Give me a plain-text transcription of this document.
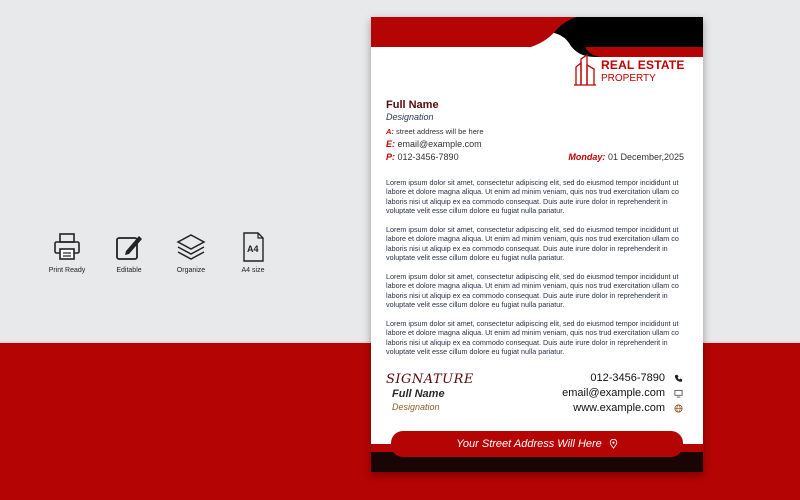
Print Ready	Editable	Organize
A4
A4 size
REAL ESTATE
PROPERTY
Full Name
Designation
A: street address will be here
E: email@example.com
P: 012-3456-7890	Monday: 01 December,2025

Lorem ipsum dolor sit amet, consectetur adipiscing elit, sed do eiusmod tempor incididunt ut labore et dolore magna aliqua. Ut enim ad minim veniam, quis nos trud exercitation ullam co laboris nisi ut aliquip ex ea commodo consequat. Duis aute irure dolor in reprehenderit in voluptate velit esse cillum dolore eu fugiat nulla pariatur.

Lorem ipsum dolor sit amet, consectetur adipiscing elit, sed do eiusmod tempor incididunt ut labore et dolore magna aliqua. Ut enim ad minim veniam, quis nos trud exercitation ullam co laboris nisi ut aliquip ex ea commodo consequat. Duis aute irure dolor in reprehenderit in voluptate velit esse cillum dolore eu fugiat nulla pariatur.

Lorem ipsum dolor sit amet, consectetur adipiscing elit, sed do eiusmod tempor incididunt ut labore et dolore magna aliqua. Ut enim ad minim veniam, quis nos trud exercitation ullam co laboris nisi ut aliquip ex ea commodo consequat. Duis aute irure dolor in reprehenderit in voluptate velit esse cillum dolore eu fugiat nulla pariatur.

Lorem ipsum dolor sit amet, consectetur adipiscing elit, sed do eiusmod tempor incididunt ut labore et dolore magna aliqua. Ut enim ad minim veniam, quis nos trud exercitation ullam co laboris nisi ut aliquip ex ea commodo consequat. Duis aute irure dolor in reprehenderit in voluptate velit esse cillum dolore eu fugiat nulla pariatur.

SIGNATURE
Full Name
Designation
012-3456-7890
email@example.com
www.example.com
Your Street Address Will Here
